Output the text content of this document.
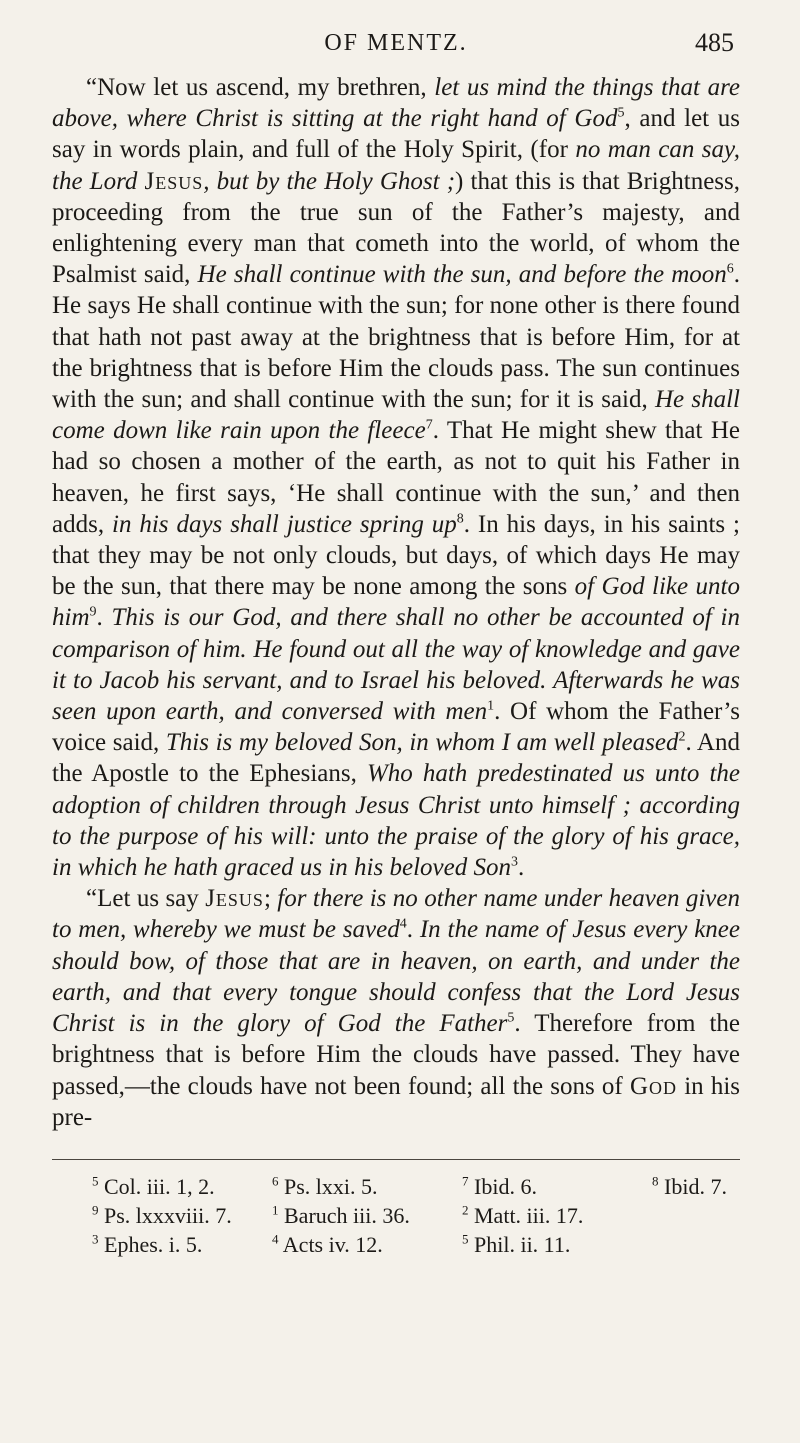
OF MENTZ.	485

“Now let us ascend, my brethren, let us mind the things that are above, where Christ is sitting at the right hand of God$^5$, and let us say in words plain, and full of the Holy Spirit, (for no man can say, the Lord Jesus, but by the Holy Ghost ;) that this is that Brightness, proceeding from the true sun of the Father’s majesty, and enlightening every man that cometh into the world, of whom the Psalmist said, He shall continue with the sun, and before the moon$^6$. He says He shall continue with the sun; for none other is there found that hath not past away at the brightness that is before Him, for at the brightness that is before Him the clouds pass. The sun continues with the sun; and shall continue with the sun; for it is said, He shall come down like rain upon the fleece$^7$. That He might shew that He had so chosen a mother of the earth, as not to quit his Father in heaven, he first says, ‘He shall continue with the sun,’ and then adds, in his days shall justice spring $up^8$. In his days, in his saints ; that they may be not only clouds, but days, of which days He may be the sun, that there may be none among the sons of God like unto him$^9$. This is our God, and there shall no other be accounted of in comparison of him. He found out all the way of knowledge and gave it to Jacob his servant, and to Israel his beloved. Afterwards he was seen upon earth, and conversed with men$^1$. Of whom the Father’s voice said, This is my beloved Son, in whom I am well pleased$^2$. And the Apostle to the Ephesians, Who hath predestinated us unto the adoption of children through Jesus Christ unto himself ; according to the purpose of his will: unto the praise of the glory of his grace, in which he hath graced us in his beloved Son$^3$.

“Let us say Jesus; for there is no other name under heaven given to men, whereby we must be saved$^4$. In the name of Jesus every knee should bow, of those that are in heaven, on earth, and under the earth, and that every tongue should confess that the Lord Jesus Christ is in the glory of God the Father$^5$. Therefore from the brightness that is before Him the clouds have passed. They have passed,—the clouds have not been found; all the sons of God in his pre-

$^5$ Col. iii. 1, 2.	$^6$ Ps. lxxi. 5.	$^7$ Ibid. 6.	$^8$ Ibid. 7.
$^9$ Ps. lxxxviii. 7.	$^1$ Baruch iii. 36.	$^2$ Matt. iii. 17.
$^3$ Ephes. i. 5.	$^4$ Acts iv. 12.	$^5$ Phil. ii. 11.
